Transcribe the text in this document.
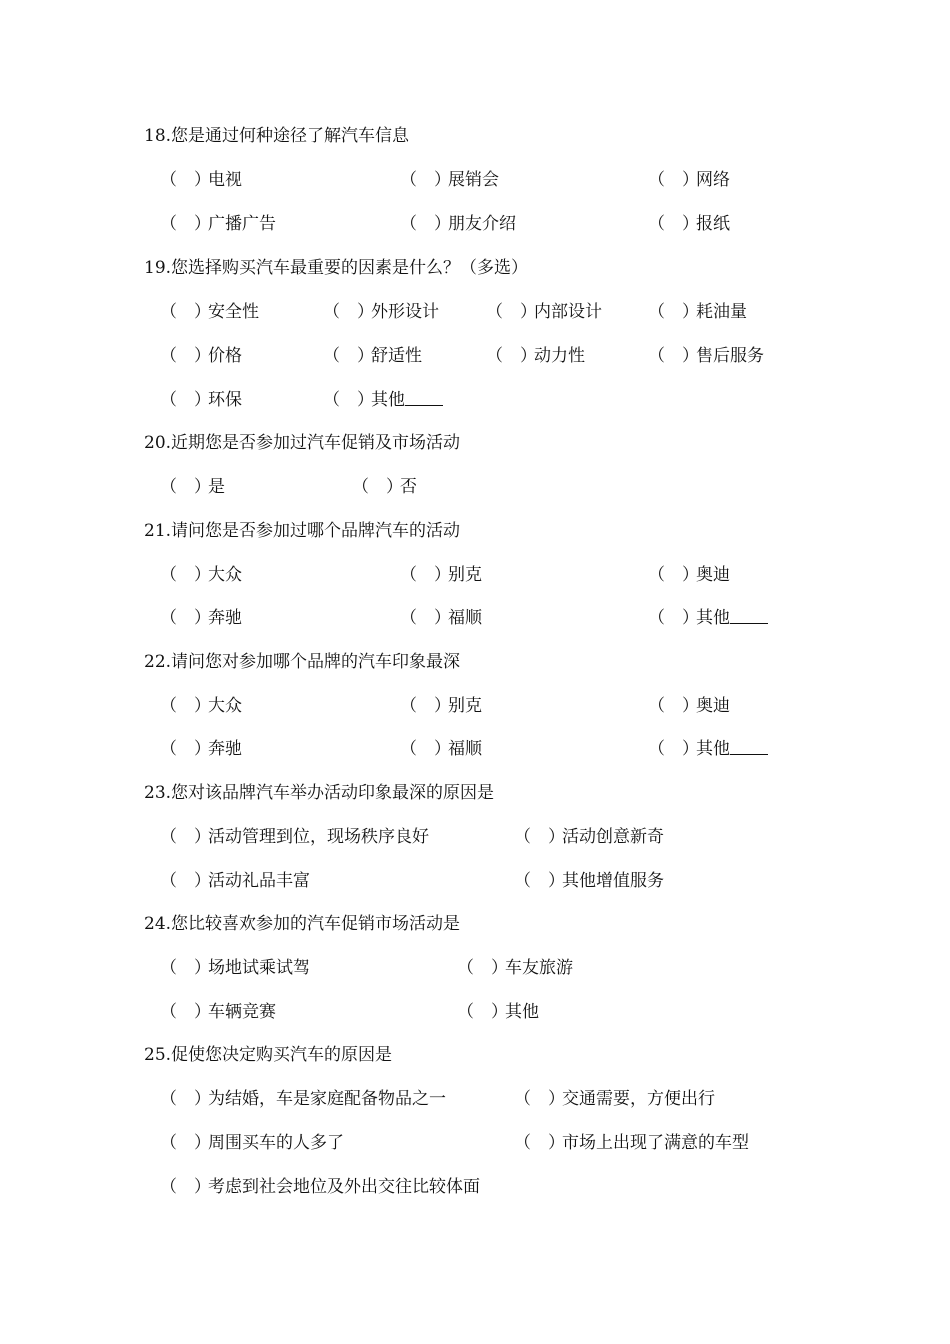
18.您是通过何种途径了解汽车信息
（　）电视	（　）展销会	（　）网络
（　）广播广告	（　）朋友介绍	（　）报纸
19.您选择购买汽车最重要的因素是什么？（多选）
（　）安全性	（　）外形设计	（　）内部设计	（　）耗油量
（　）价格	（　）舒适性	（　）动力性	（　）售后服务
（　）环保	（　）其他
20.近期您是否参加过汽车促销及市场活动
（　）是	（　）否
21.请问您是否参加过哪个品牌汽车的活动
（　）大众	（　）别克	（　）奥迪
（　）奔驰	（　）福顺	（　）其他
22.请问您对参加哪个品牌的汽车印象最深
（　）大众	（　）别克	（　）奥迪
（　）奔驰	（　）福顺	（　）其他
23.您对该品牌汽车举办活动印象最深的原因是
（　）活动管理到位，现场秩序良好	（　）活动创意新奇
（　）活动礼品丰富	（　）其他增值服务
24.您比较喜欢参加的汽车促销市场活动是
（　）场地试乘试驾	（　）车友旅游
（　）车辆竞赛	（　）其他
25.促使您决定购买汽车的原因是
（　）为结婚，车是家庭配备物品之一	（　）交通需要，方便出行
（　）周围买车的人多了	（　）市场上出现了满意的车型
（　）考虑到社会地位及外出交往比较体面
